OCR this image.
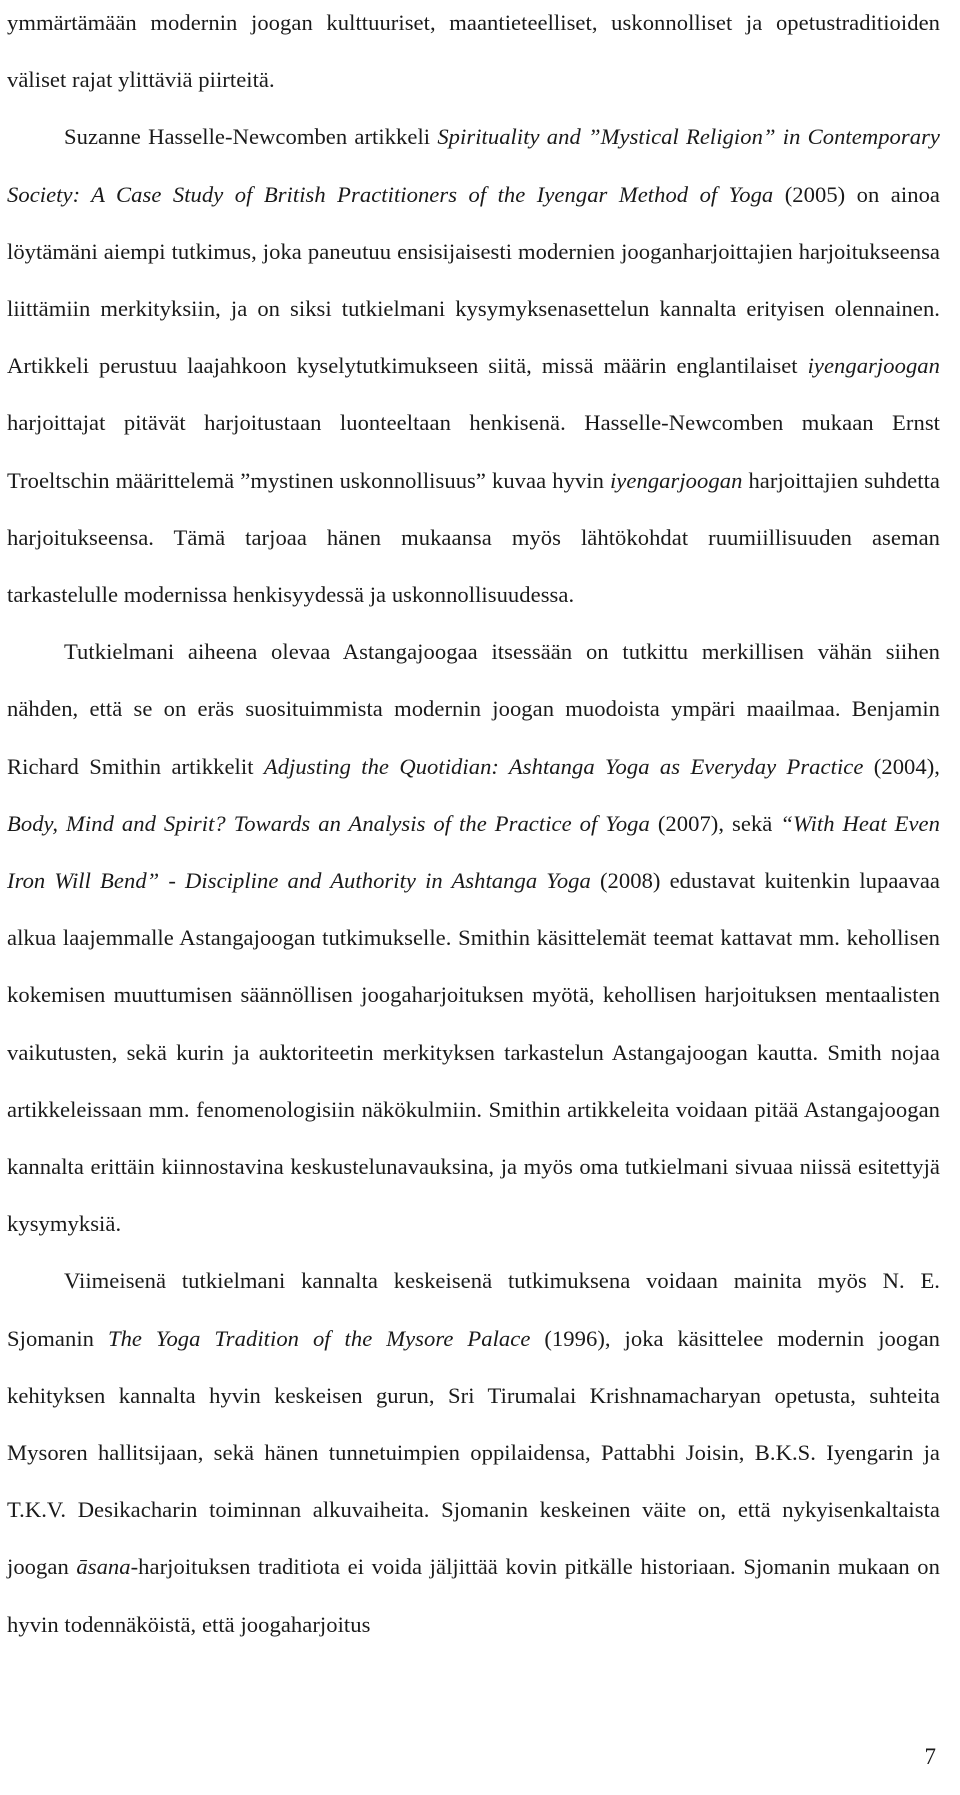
ymmärtämään modernin joogan kulttuuriset, maantieteelliset, uskonnolliset ja opetustraditioiden väliset rajat ylittäviä piirteitä.

Suzanne Hasselle-Newcomben artikkeli Spirituality and ”Mystical Religion” in Contemporary Society: A Case Study of British Practitioners of the Iyengar Method of Yoga (2005) on ainoa löytämäni aiempi tutkimus, joka paneutuu ensisijaisesti modernien jooganharjoittajien harjoitukseensa liittämiin merkityksiin, ja on siksi tutkielmani kysymyksenasettelun kannalta erityisen olennainen. Artikkeli perustuu laajahkoon kyselytutkimukseen siitä, missä määrin englantilaiset iyengarjoogan harjoittajat pitävät harjoitustaan luonteeltaan henkisenä. Hasselle-Newcomben mukaan Ernst Troeltschin määrittelemä ”mystinen uskonnollisuus” kuvaa hyvin iyengarjoogan harjoittajien suhdetta harjoitukseensa. Tämä tarjoaa hänen mukaansa myös lähtökohdat ruumiillisuuden aseman tarkastelulle modernissa henkisyydessä ja uskonnollisuudessa.

Tutkielmani aiheena olevaa Astangajoogaa itsessään on tutkittu merkillisen vähän siihen nähden, että se on eräs suosituimmista modernin joogan muodoista ympäri maailmaa. Benjamin Richard Smithin artikkelit Adjusting the Quotidian: Ashtanga Yoga as Everyday Practice (2004), Body, Mind and Spirit? Towards an Analysis of the Practice of Yoga (2007), sekä “With Heat Even Iron Will Bend” - Discipline and Authority in Ashtanga Yoga (2008) edustavat kuitenkin lupaavaa alkua laajemmalle Astangajoogan tutkimukselle. Smithin käsittelemät teemat kattavat mm. kehollisen kokemisen muuttumisen säännöllisen joogaharjoituksen myötä, kehollisen harjoituksen mentaalisten vaikutusten, sekä kurin ja auktoriteetin merkityksen tarkastelun Astangajoogan kautta. Smith nojaa artikkeleissaan mm. fenomenologisiin näkökulmiin. Smithin artikkeleita voidaan pitää Astangajoogan kannalta erittäin kiinnostavina keskustelunavauksina, ja myös oma tutkielmani sivuaa niissä esitettyjä kysymyksiä.

Viimeisenä tutkielmani kannalta keskeisenä tutkimuksena voidaan mainita myös N. E. Sjomanin The Yoga Tradition of the Mysore Palace (1996), joka käsittelee modernin joogan kehityksen kannalta hyvin keskeisen gurun, Sri Tirumalai Krishnamacharyan opetusta, suhteita Mysoren hallitsijaan, sekä hänen tunnetuimpien oppilaidensa, Pattabhi Joisin, B.K.S. Iyengarin ja T.K.V. Desikacharin toiminnan alkuvaiheita. Sjomanin keskeinen väite on, että nykyisenkaltaista joogan āsana-harjoituksen traditiota ei voida jäljittää kovin pitkälle historiaan. Sjomanin mukaan on hyvin todennäköistä, että joogaharjoitus

7
